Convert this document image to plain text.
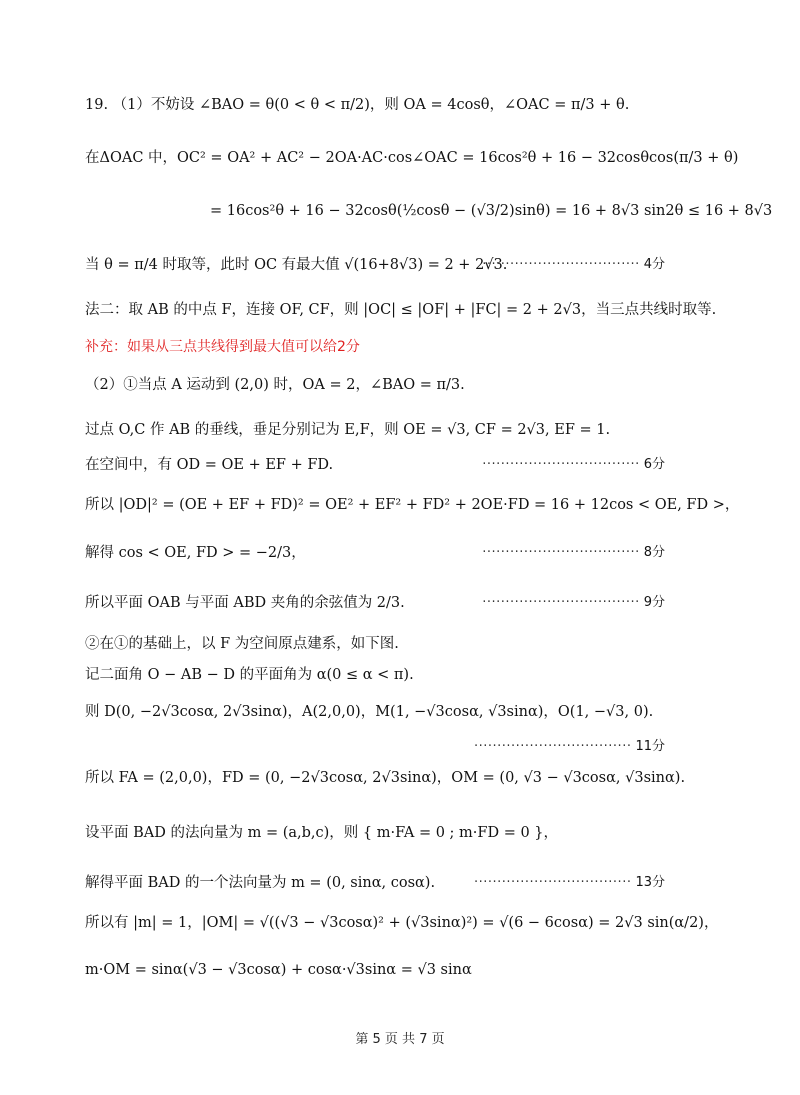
19. （1）不妨设 ∠BAO = θ(0 < θ < π/2)，则 OA = 4cosθ，∠OAC = π/3 + θ.
在ΔOAC 中，OC² = OA² + AC² − 2OA·AC·cos∠OAC = 16cos²θ + 16 − 32cosθcos(π/3 + θ)
= 16cos²θ + 16 − 32cosθ(½cosθ − (√3/2)sinθ) = 16 + 8√3 sin2θ ≤ 16 + 8√3
当 θ = π/4 时取等，此时 OC 有最大值 √(16+8√3) = 2 + 2√3.	····· 4分
法二：取 AB 的中点 F，连接 OF, CF，则 |OC| ≤ |OF| + |FC| = 2 + 2√3，当三点共线时取等.
补充：如果从三点共线得到最大值可以给2分
（2）①当点 A 运动到 (2,0) 时，OA = 2，∠BAO = π/3.
过点 O,C 作 AB 的垂线，垂足分别记为 E,F，则 OE = √3, CF = 2√3, EF = 1.
在空间中，有 OD = OE + EF + FD.	····· 6分
所以 |OD|² = (OE + EF + FD)² = OE² + EF² + FD² + 2OE·FD = 16 + 12cos < OE, FD >，
解得 cos < OE, FD > = −2/3，	····· 8分
所以平面 OAB 与平面 ABD 夹角的余弦值为 2/3.	····· 9分
②在①的基础上，以 F 为空间原点建系，如下图.
记二面角 O − AB − D 的平面角为 α(0 ≤ α < π).
则 D(0, −2√3cosα, 2√3sinα)，A(2,0,0)，M(1, −√3cosα, √3sinα)，O(1, −√3, 0).
····· 11分
所以 FA = (2,0,0)，FD = (0, −2√3cosα, 2√3sinα)，OM = (0, √3 − √3cosα, √3sinα).
设平面 BAD 的法向量为 m = (a,b,c)，则 { m·FA = 0 ; m·FD = 0 }，
解得平面 BAD 的一个法向量为 m = (0, sinα, cosα).	····· 13分
所以有 |m| = 1，|OM| = √((√3 − √3cosα)² + (√3sinα)²) = √(6 − 6cosα) = 2√3 sin(α/2)，
m·OM = sinα(√3 − √3cosα) + cosα·√3sinα = √3 sinα
第 5 页 共 7 页
